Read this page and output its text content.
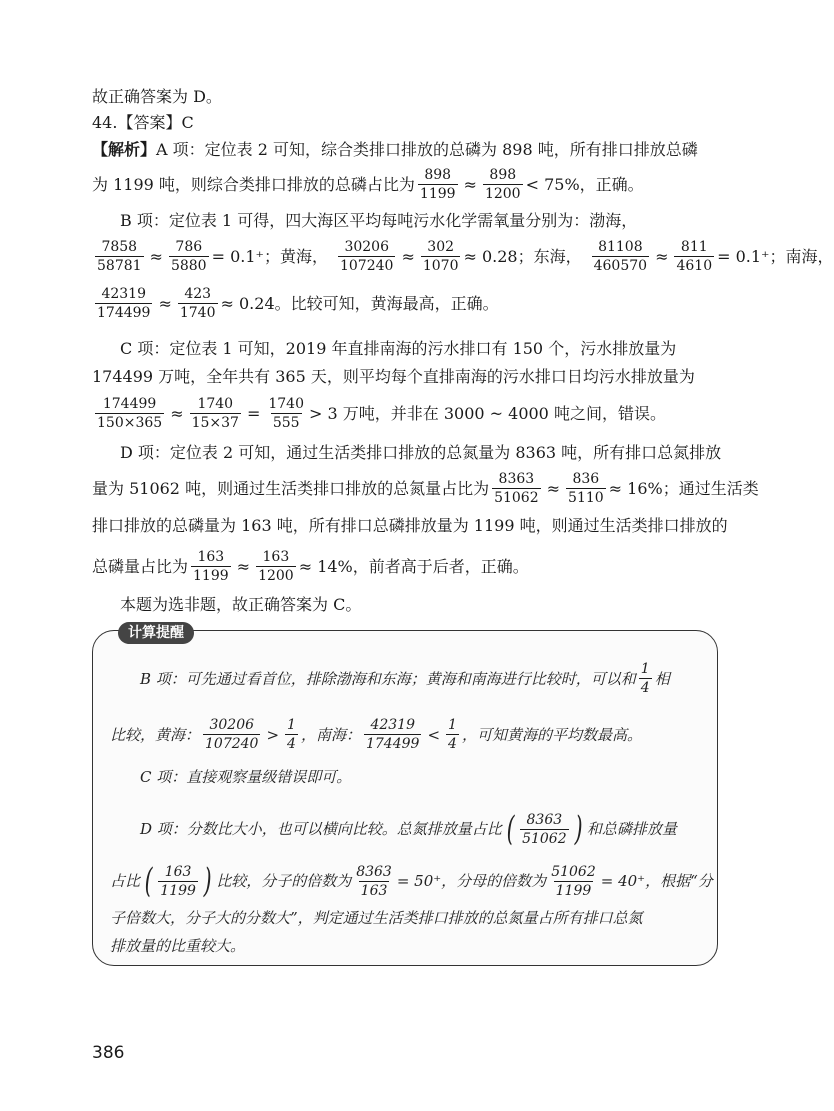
故正确答案为 D。
44.【答案】C
【解析】 A 项：定位表 2 可知，综合类排口排放的总磷为 898 吨，所有排口排放总磷
为 1199 吨，则综合类排口排放的总磷占比为 $\frac{898}{1199} \approx \frac{898}{1200} < 75\%$，正确。
B 项：定位表 1 可得，四大海区平均每吨污水化学需氧量分别为：渤海，
$\frac{7858}{58781} \approx \frac{786}{5880} = 0.1^+$；黄海， $\frac{30206}{107240} \approx \frac{302}{1070} \approx 0.28$；东海， $\frac{81108}{460570} \approx \frac{811}{4610} = 0.1^+$；南海，
$\frac{42319}{174499} \approx \frac{423}{1740} \approx 0.24$。比较可知，黄海最高，正确。
C 项：定位表 1 可知，2019 年直排南海的污水排口有 150 个，污水排放量为
174499 万吨，全年共有 365 天，则平均每个直排南海的污水排口日均污水排放量为
$\frac{174499}{150\times 365} \approx \frac{1740}{15\times 37} = \frac{1740}{555} > 3$ 万吨，并非在 3000 ~ 4000 吨之间，错误。
D 项：定位表 2 可知，通过生活类排口排放的总氮量为 8363 吨，所有排口总氮排放
量为 51062 吨，则通过生活类排口排放的总氮量占比为 $\frac{8363}{51062} \approx \frac{836}{5110} \approx 16\%$；通过生活类
排口排放的总磷量为 163 吨，所有排口总磷排放量为 1199 吨，则通过生活类排口排放的
总磷量占比为 $\frac{163}{1199} \approx \frac{163}{1200} \approx 14\%$，前者高于后者，正确。
本题为选非题，故正确答案为 C。
计算提醒
B 项：可先通过看首位，排除渤海和东海；黄海和南海进行比较时，可以和 $\frac{1}{4}$ 相
比较，黄海： $\frac{30206}{107240} > \frac{1}{4}$ ，南海： $\frac{42319}{174499} < \frac{1}{4}$ ，可知黄海的平均数最高。
C 项：直接观察量级错误即可。
D 项：分数比大小，也可以横向比较。总氮排放量占比 ( $\frac{8363}{51062}$ ) 和总磷排放量
占比 ( $\frac{163}{1199}$ ) 比较，分子的倍数为 $\frac{8363}{163} = 50^+$，分母的倍数为 $\frac{51062}{1199} = 40^+$，根据“分
子倍数大，分子大的分数大”，判定通过生活类排口排放的总氮量占所有排口总氮
排放量的比重较大。
386
